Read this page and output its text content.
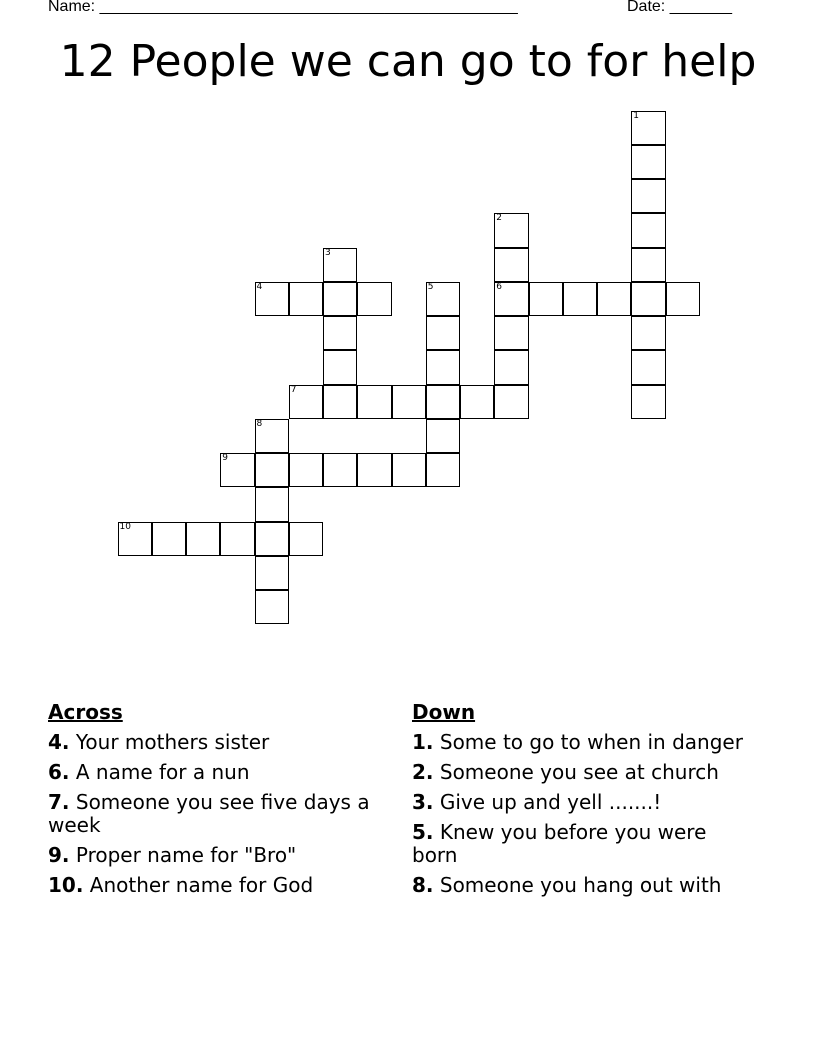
Name: _______________________________________________	Date: _______
12 People we can go to for help
1
2
6
3
4	5
7
8
9
10
Across
4. Your mothers sister
6. A name for a nun
7. Someone you see five days a week
9. Proper name for "Bro"
10. Another name for God
Down
1. Some to go to when in danger
2. Someone you see at church
3. Give up and yell .......!
5. Knew you before you were born
8. Someone you hang out with
